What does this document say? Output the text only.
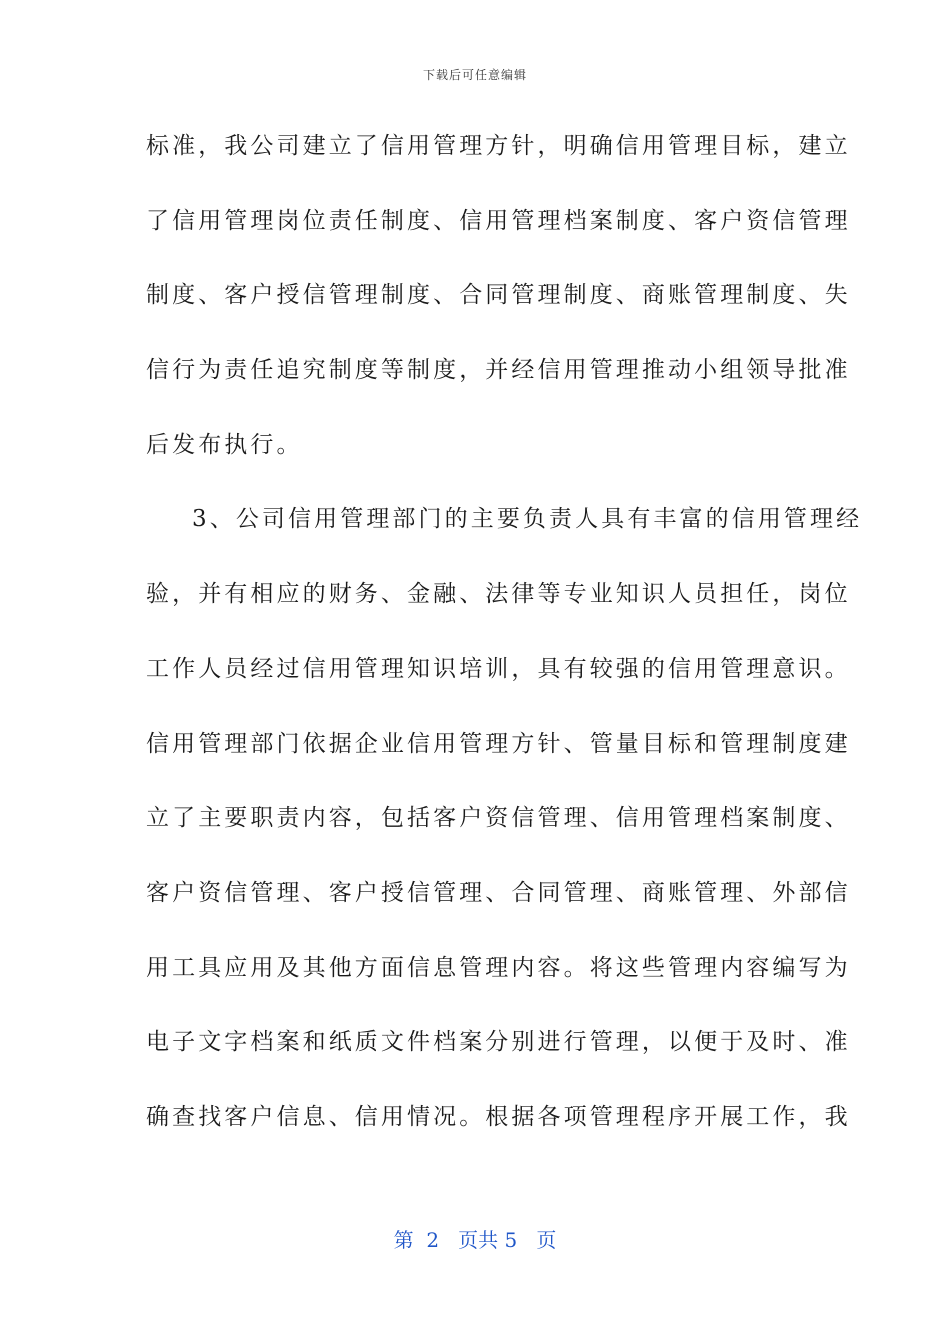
下载后可任意编辑
标准，我公司建立了信用管理方针，明确信用管理目标，建立
了信用管理岗位责任制度、信用管理档案制度、客户资信管理
制度、客户授信管理制度、合同管理制度、商账管理制度、失
信行为责任追究制度等制度，并经信用管理推动小组领导批准
后发布执行。
3、公司信用管理部门的主要负责人具有丰富的信用管理经
验，并有相应的财务、金融、法律等专业知识人员担任，岗位
工作人员经过信用管理知识培训，具有较强的信用管理意识。
信用管理部门依据企业信用管理方针、管量目标和管理制度建
立了主要职责内容，包括客户资信管理、信用管理档案制度、
客户资信管理、客户授信管理、合同管理、商账管理、外部信
用工具应用及其他方面信息管理内容。将这些管理内容编写为
电子文字档案和纸质文件档案分别进行管理，以便于及时、准
确查找客户信息、信用情况。根据各项管理程序开展工作，我
第  2   页共 5   页
